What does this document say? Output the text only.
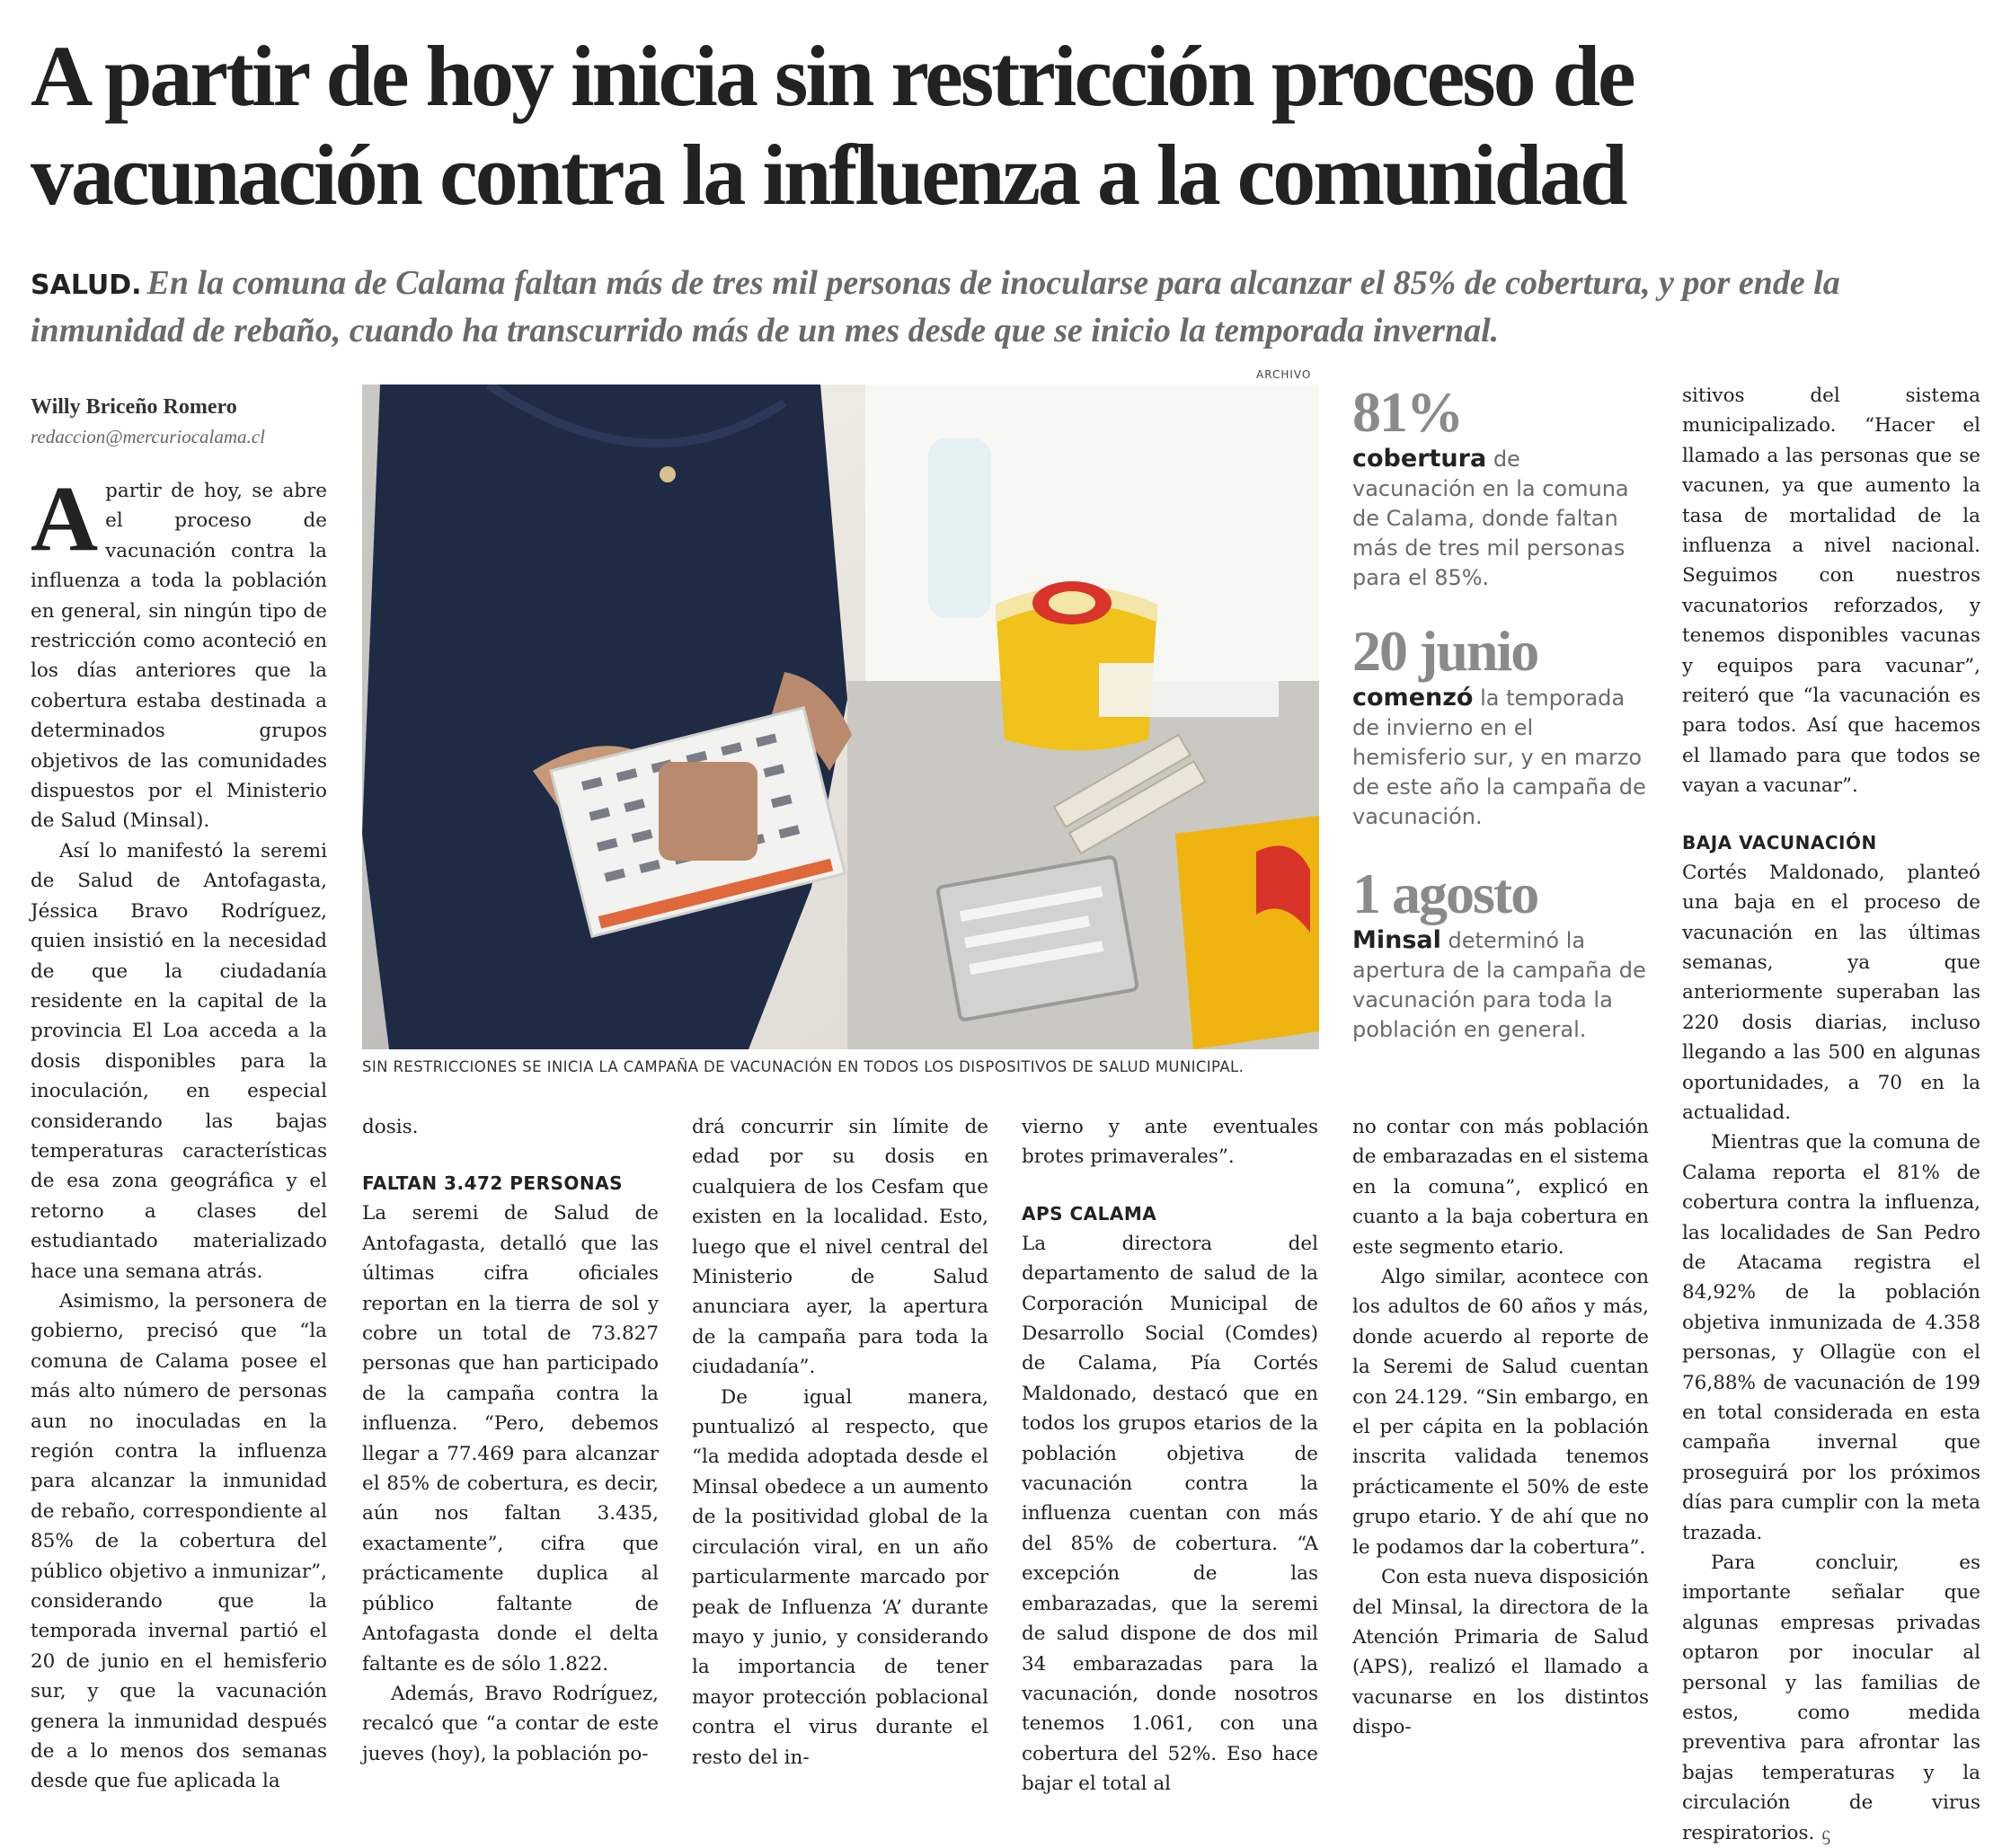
A partir de hoy inicia sin restricción proceso de vacunación contra la influenza a la comunidad

SALUD. En la comuna de Calama faltan más de tres mil personas de inocularse para alcanzar el 85% de cobertura, y por ende la inmunidad de rebaño, cuando ha transcurrido más de un mes desde que se inicio la temporada invernal.

Willy Briceño Romero
redaccion@mercuriocalama.cl

Apartir de hoy, se abre el proceso de vacunación contra la influenza a toda la población en general, sin ningún tipo de restricción como aconteció en los días anteriores que la cobertura estaba destinada a determinados grupos objetivos de las comunidades dispuestos por el Ministerio de Salud (Minsal).

Así lo manifestó la seremi de Salud de Antofagasta, Jéssica Bravo Rodríguez, quien insistió en la necesidad de que la ciudadanía residente en la capital de la provincia El Loa acceda a la dosis disponibles para la inoculación, en especial considerando las bajas temperaturas características de esa zona geográfica y el retorno a clases del estudiantado materializado hace una semana atrás.

Asimismo, la personera de gobierno, precisó que “la comuna de Calama posee el más alto número de personas aun no inoculadas en la región contra la influenza para alcanzar la inmunidad de rebaño, correspondiente al 85% de la cobertura del público objetivo a inmunizar”, considerando que la temporada invernal partió el 20 de junio en el hemisferio sur, y que la vacunación genera la inmunidad después de a lo menos dos semanas desde que fue aplicada la

ARCHIVO
SIN RESTRICCIONES SE INICIA LA CAMPAÑA DE VACUNACIÓN EN TODOS LOS DISPOSITIVOS DE SALUD MUNICIPAL.
81%
cobertura de vacunación en la comuna de Calama, donde faltan más de tres mil personas para el 85%.
20 junio
comenzó la temporada de invierno en el hemisferio sur, y en marzo de este año la campaña de vacunación.
1 agosto
Minsal determinó la apertura de la campaña de vacunación para toda la población en general.

dosis.

FALTAN 3.472 PERSONAS

La seremi de Salud de Antofagasta, detalló que las últimas cifra oficiales reportan en la tierra de sol y cobre un total de 73.827 personas que han participado de la campaña contra la influenza. “Pero, debemos llegar a 77.469 para alcanzar el 85% de cobertura, es decir, aún nos faltan 3.435, exactamente”, cifra que prácticamente duplica al público faltante de Antofagasta donde el delta faltante es de sólo 1.822.

Además, Bravo Rodríguez, recalcó que “a contar de este jueves (hoy), la población po-

drá concurrir sin límite de edad por su dosis en cualquiera de los Cesfam que existen en la localidad. Esto, luego que el nivel central del Ministerio de Salud anunciara ayer, la apertura de la campaña para toda la ciudadanía”.

De igual manera, puntualizó al respecto, que “la medida adoptada desde el Minsal obedece a un aumento de la positividad global de la circulación viral, en un año particularmente marcado por peak de Influenza ‘A’ durante mayo y junio, y considerando la importancia de tener mayor protección poblacional contra el virus durante el resto del in-

vierno y ante eventuales brotes primaverales”.

APS CALAMA

La directora del departamento de salud de la Corporación Municipal de Desarrollo Social (Comdes) de Calama, Pía Cortés Maldonado, destacó que en todos los grupos etarios de la población objetiva de vacunación contra la influenza cuentan con más del 85% de cobertura. “A excepción de las embarazadas, que la seremi de salud dispone de dos mil 34 embarazadas para la vacunación, donde nosotros tenemos 1.061, con una cobertura del 52%. Eso hace bajar el total al

no contar con más población de embarazadas en el sistema en la comuna”, explicó en cuanto a la baja cobertura en este segmento etario.

Algo similar, acontece con los adultos de 60 años y más, donde acuerdo al reporte de la Seremi de Salud cuentan con 24.129. “Sin embargo, en el per cápita en la población inscrita validada tenemos prácticamente el 50% de este grupo etario. Y de ahí que no le podamos dar la cobertura”.

Con esta nueva disposición del Minsal, la directora de la Atención Primaria de Salud (APS), realizó el llamado a vacunarse en los distintos dispo-

sitivos del sistema municipalizado. “Hacer el llamado a las personas que se vacunen, ya que aumento la tasa de mortalidad de la influenza a nivel nacional. Seguimos con nuestros vacunatorios reforzados, y tenemos disponibles vacunas y equipos para vacunar”, reiteró que “la vacunación es para todos. Así que hacemos el llamado para que todos se vayan a vacunar”.

BAJA VACUNACIÓN

Cortés Maldonado, planteó una baja en el proceso de vacunación en las últimas semanas, ya que anteriormente superaban las 220 dosis diarias, incluso llegando a las 500 en algunas oportunidades, a 70 en la actualidad.

Mientras que la comuna de Calama reporta el 81% de cobertura contra la influenza, las localidades de San Pedro de Atacama registra el 84,92% de la población objetiva inmunizada de 4.358 personas, y Ollagüe con el 76,88% de vacunación de 199 en total considerada en esta campaña invernal que proseguirá por los próximos días para cumplir con la meta trazada.

Para concluir, es importante señalar que algunas empresas privadas optaron por inocular al personal y las familias de estos, como medida preventiva para afrontar las bajas temperaturas y la circulación de virus respiratorios. ᦓ
